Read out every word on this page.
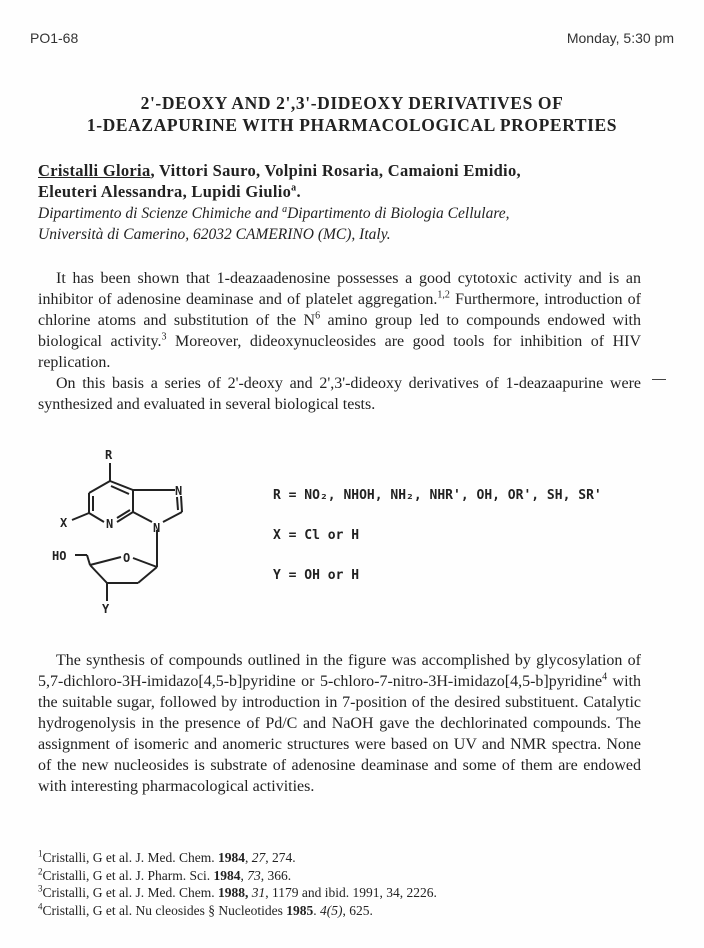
PO1-68	Monday, 5:30 pm
2'-DEOXY AND 2',3'-DIDEOXY DERIVATIVES OF
1-DEAZAPURINE WITH PHARMACOLOGICAL PROPERTIES
Cristalli Gloria, Vittori Sauro, Volpini Rosaria, Camaioni Emidio,
Eleuteri Alessandra, Lupidi Giulio$^a$.
Dipartimento di Scienze Chimiche and $^a$Dipartimento di Biologia Cellulare,
Università di Camerino, 62032 CAMERINO (MC), Italy.

It has been shown that 1-deazaadenosine possesses a good cytotoxic activity and is an inhibitor of adenosine deaminase and of platelet aggregation.$^{1,2}$ Furthermore, introduction of chlorine atoms and substitution of the $N^6$ amino group led to compounds endowed with biological activity.$^3$ Moreover, dideoxynucleosides are good tools for inhibition of HIV replication.

On this basis a series of 2'-deoxy and 2',3'-dideoxy derivatives of 1-deazaapurine were synthesized and evaluated in several biological tests.

R
X	N
N
N
O
HO
Y
R = NO₂, NHOH, NH₂, NHR', OH, OR', SH, SR'
X = Cl or H
Y = OH or H

The synthesis of compounds outlined in the figure was accomplished by glycosylation of 5,7-dichloro-3H-imidazo[4,5-b]pyridine or 5-chloro-7-nitro-3H-imidazo[4,5-b]pyridine$^4$ with the suitable sugar, followed by introduction in 7-position of the desired substituent. Catalytic hydrogenolysis in the presence of Pd/C and NaOH gave the dechlorinated compounds. The assignment of isomeric and anomeric structures were based on UV and NMR spectra. None of the new nucleosides is substrate of adenosine deaminase and some of them are endowed with interesting pharmacological activities.

$^1$Cristalli, G et al. J. Med. Chem. 1984, 27, 274.
$^2$Cristalli, G et al. J. Pharm. Sci. 1984, 73, 366.
$^3$Cristalli, G et al. J. Med. Chem. 1988, 31, 1179 and ibid. 1991, 34, 2226.
$^4$Cristalli, G et al. Nu cleosides § Nucleotides 1985. 4(5), 625.
